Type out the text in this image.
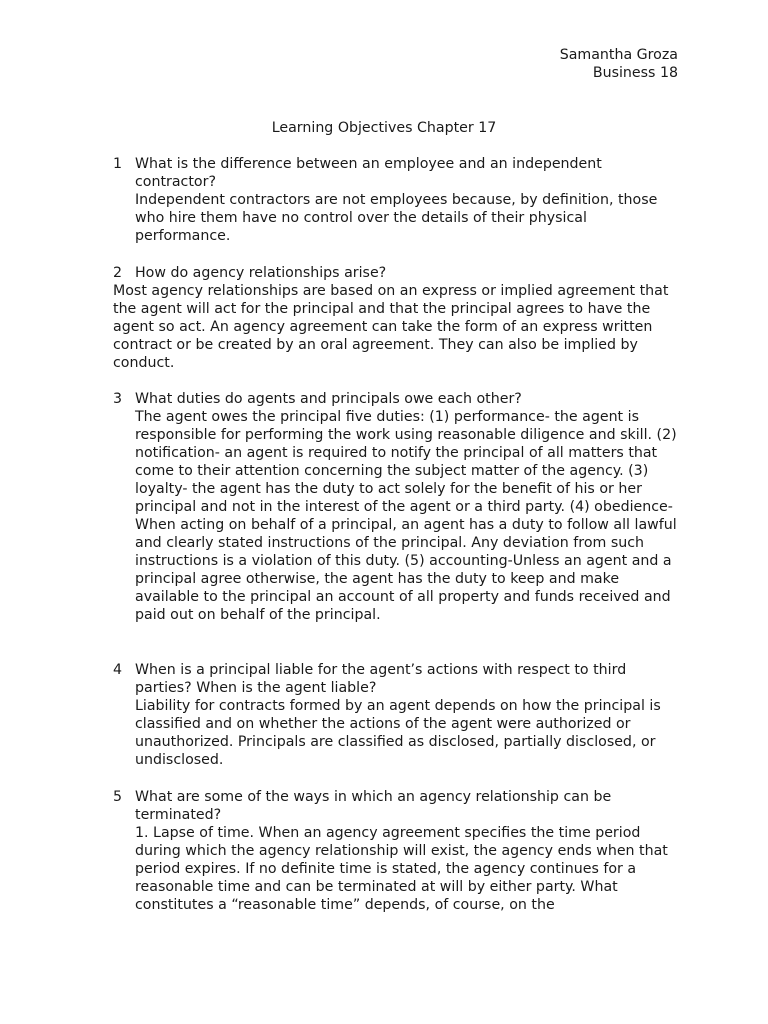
Samantha Groza
Business 18
Learning Objectives Chapter 17
1 What is the difference between an employee and an independent contractor?
Independent contractors are not employees because, by definition, those who hire them have no control over the details of their physical performance.
2 How do agency relationships arise?
Most agency relationships are based on an express or implied agreement that the agent will act for the principal and that the principal agrees to have the agent so act. An agency agreement can take the form of an express written contract or be created by an oral agreement. They can also be implied by conduct.
3 What duties do agents and principals owe each other?
The agent owes the principal five duties: (1) performance- the agent is responsible for performing the work using reasonable diligence and skill. (2) notification- an agent is required to notify the principal of all matters that come to their attention concerning the subject matter of the agency. (3) loyalty- the agent has the duty to act solely for the benefit of his or her principal and not in the interest of the agent or a third party. (4) obedience- When acting on behalf of a principal, an agent has a duty to follow all lawful and clearly stated instructions of the principal. Any deviation from such instructions is a violation of this duty. (5) accounting-Unless an agent and a principal agree otherwise, the agent has the duty to keep and make available to the principal an account of all property and funds received and paid out on behalf of the principal.
4 When is a principal liable for the agent’s actions with respect to third parties? When is the agent liable?
Liability for contracts formed by an agent depends on how the principal is classified and on whether the actions of the agent were authorized or unauthorized. Principals are classified as disclosed, partially disclosed, or undisclosed.
5 What are some of the ways in which an agency relationship can be terminated?
1. Lapse of time. When an agency agreement specifies the time period during which the agency relationship will exist, the agency ends when that period expires. If no definite time is stated, the agency continues for a reasonable time and can be terminated at will by either party. What constitutes a “reasonable time” depends, of course, on the
